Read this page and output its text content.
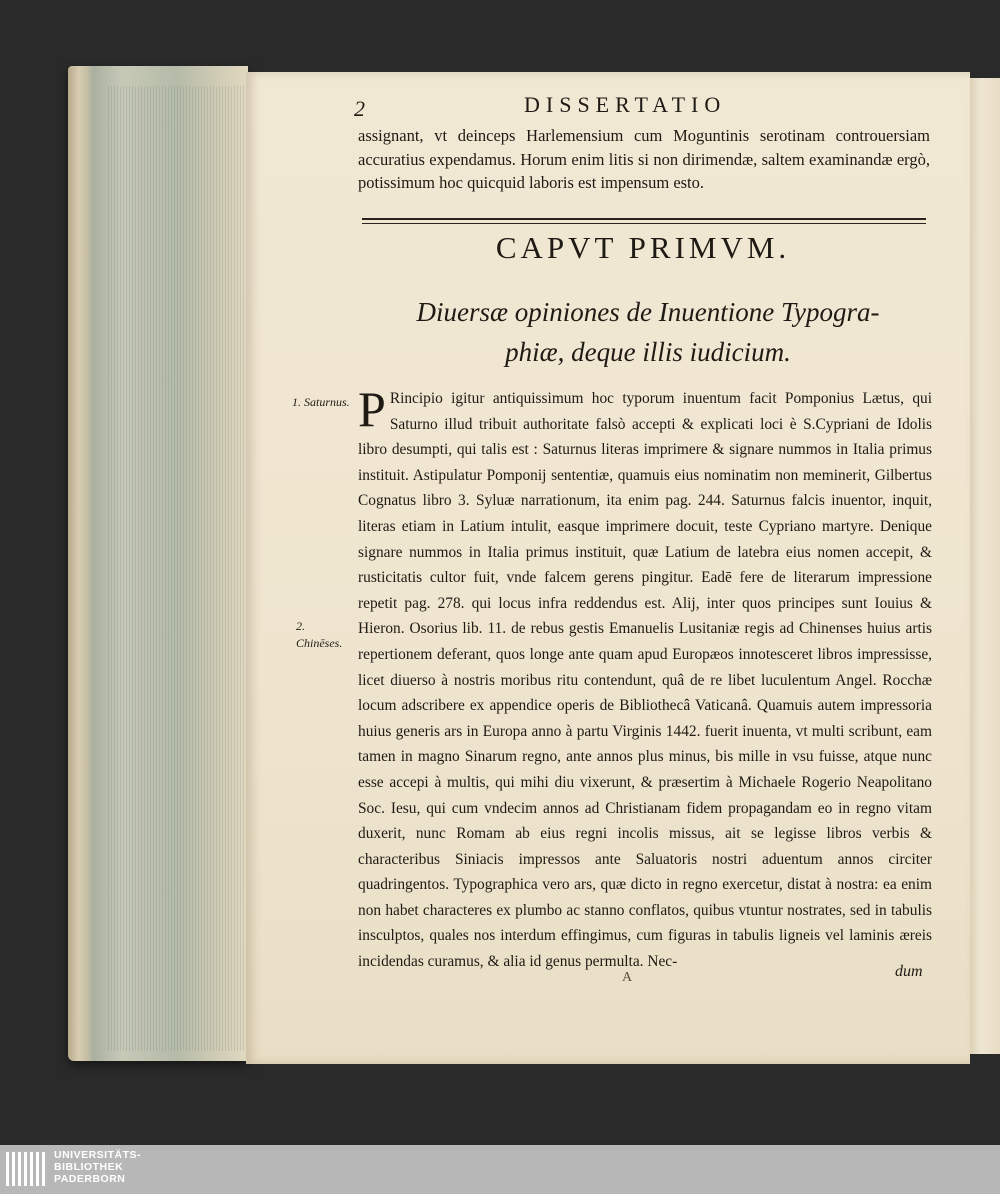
2	DISSERTATIO
assignant, vt deinceps Harlemensium cum Moguntinis serotinam controuersiam accuratius expendamus. Horum enim litis si non dirimendæ, saltem examinandæ ergò, potissimum hoc quicquid laboris est impensum esto.
CAPVT PRIMVM.
Diuersæ opiniones de Inuentione Typogra-
phiæ, deque illis iudicium.
P Rincipio igitur antiquissimum hoc typorum inuentum facit Pomponius Lætus, qui Saturno illud tribuit authoritate falsò accepti & explicati loci è S.Cypriani de Idolis libro desumpti, qui talis est : Saturnus literas imprimere & signare nummos in Italia primus instituit. Astipulatur Pomponij sententiæ, quamuis eius nominatim non meminerit, Gilbertus Cognatus libro 3. Syluæ narrationum, ita enim pag. 244. Saturnus falcis inuentor, inquit, literas etiam in Latium intulit, easque imprimere docuit, teste Cypriano martyre. Denique signare nummos in Italia primus instituit, quæ Latium de latebra eius nomen accepit, & rusticitatis cultor fuit, vnde falcem gerens pingitur. Eadē fere de literarum impressione repetit pag. 278. qui locus infra reddendus est. Alij, inter quos principes sunt Iouius & Hieron. Osorius lib. 11. de rebus gestis Emanuelis Lusitaniæ regis ad Chinenses huius artis repertionem deferant, quos longe ante quam apud Europæos innotesceret libros impressisse, licet diuerso à nostris moribus ritu contendunt, quâ de re libet luculentum Angel. Rocchæ locum adscribere ex appendice operis de Bibliothecâ Vaticanâ. Quamuis autem impressoria huius generis ars in Europa anno à partu Virginis 1442. fuerit inuenta, vt multi scribunt, eam tamen in magno Sinarum regno, ante annos plus minus, bis mille in vsu fuisse, atque nunc esse accepi à multis, qui mihi diu vixerunt, & præsertim à Michaele Rogerio Neapolitano Soc. Iesu, qui cum vndecim annos ad Christianam fidem propagandam eo in regno vitam duxerit, nunc Romam ab eius regni incolis missus, ait se legisse libros verbis & characteribus Siniacis impressos ante Saluatoris nostri aduentum annos circiter quadringentos. Typographica vero ars, quæ dicto in regno exercetur, distat à nostra: ea enim non habet characteres ex plumbo ac stanno conflatos, quibus vtuntur nostrates, sed in tabulis insculptos, quales nos interdum effingimus, cum figuras in tabulis ligneis vel laminis æreis incidendas curamus, & alia id genus permulta. Nec-
1. Saturnus.
2. Chinēses.
A	dum
UNIVERSITÄTS-
BIBLIOTHEK
PADERBORN
